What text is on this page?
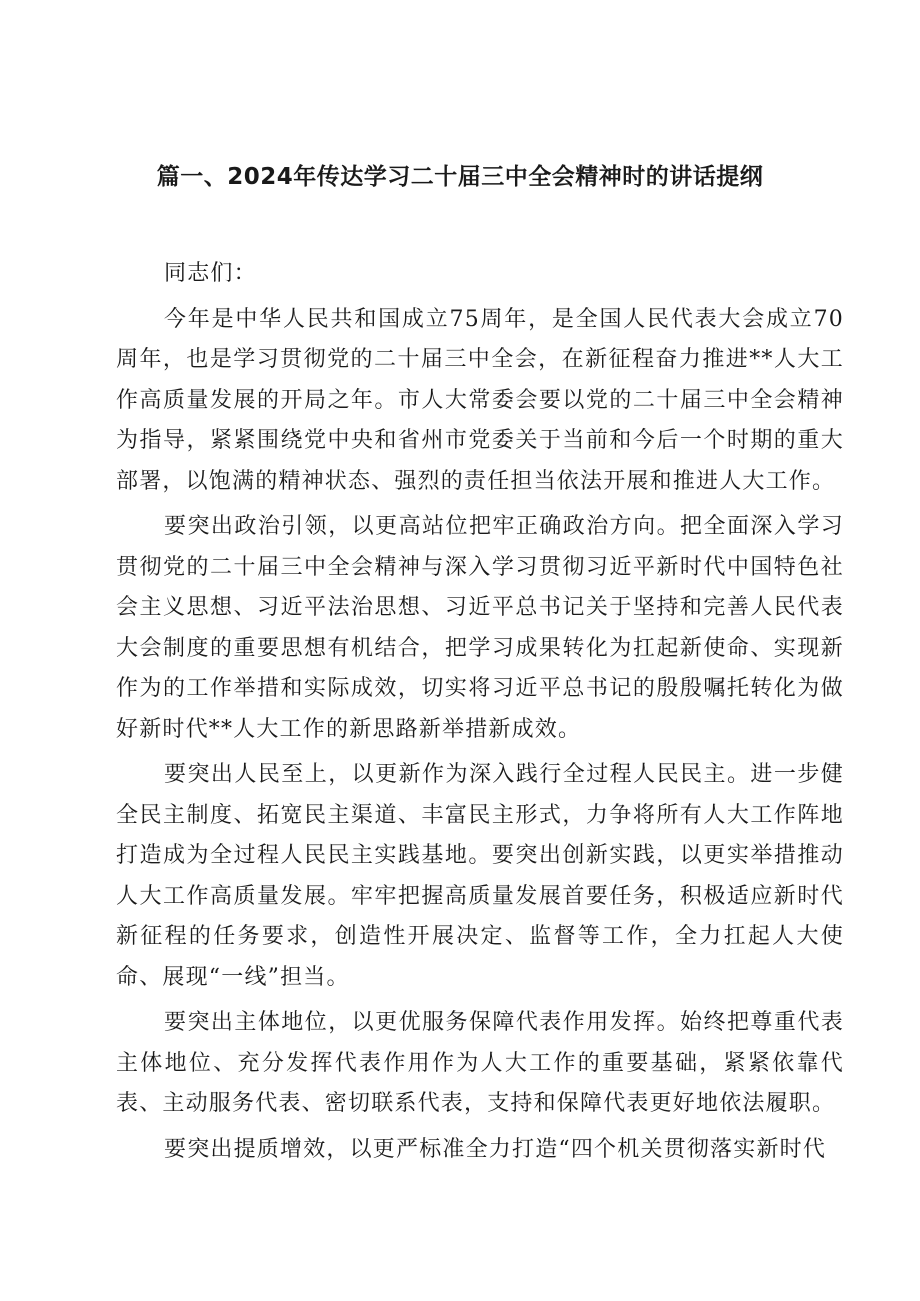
篇一、2024年传达学习二十届三中全会精神时的讲话提纲

同志们：

今年是中华人民共和国成立75周年，是全国人民代表大会成立70周年，也是学习贯彻党的二十届三中全会，在新征程奋力推进**人大工作高质量发展的开局之年。市人大常委会要以党的二十届三中全会精神为指导，紧紧围绕党中央和省州市党委关于当前和今后一个时期的重大部署，以饱满的精神状态、强烈的责任担当依法开展和推进人大工作。

要突出政治引领，以更高站位把牢正确政治方向。把全面深入学习贯彻党的二十届三中全会精神与深入学习贯彻习近平新时代中国特色社会主义思想、习近平法治思想、习近平总书记关于坚持和完善人民代表大会制度的重要思想有机结合，把学习成果转化为扛起新使命、实现新作为的工作举措和实际成效，切实将习近平总书记的殷殷嘱托转化为做好新时代**人大工作的新思路新举措新成效。

要突出人民至上，以更新作为深入践行全过程人民民主。进一步健全民主制度、拓宽民主渠道、丰富民主形式，力争将所有人大工作阵地打造成为全过程人民民主实践基地。要突出创新实践，以更实举措推动人大工作高质量发展。牢牢把握高质量发展首要任务，积极适应新时代新征程的任务要求，创造性开展决定、监督等工作，全力扛起人大使命、展现“一线”担当。

要突出主体地位，以更优服务保障代表作用发挥。始终把尊重代表主体地位、充分发挥代表作用作为人大工作的重要基础，紧紧依靠代表、主动服务代表、密切联系代表，支持和保障代表更好地依法履职。

要突出提质增效，以更严标准全力打造“四个机关贯彻落实新时代
